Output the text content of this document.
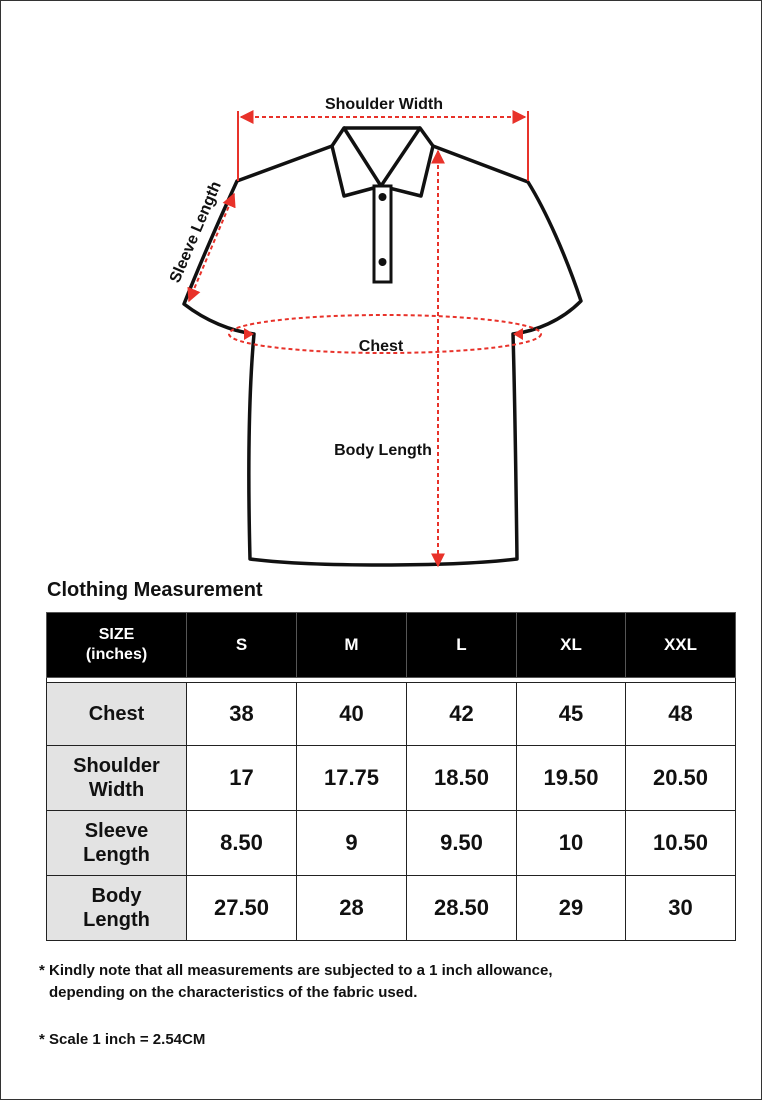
Shoulder Width
Sleeve Length
Chest
Body Length
Clothing Measurement
SIZE
(inches)	S	M	L	XL	XXL

Chest	38	40	42	45	48
Shoulder
Width	17	17.75	18.50	19.50	20.50
Sleeve
Length	8.50	9	9.50	10	10.50
Body
Length	27.50	28	28.50	29	30
* Kindly note that all measurements are subjected to a 1 inch allowance,
depending on the characteristics of the fabric used.
* Scale 1 inch = 2.54CM
